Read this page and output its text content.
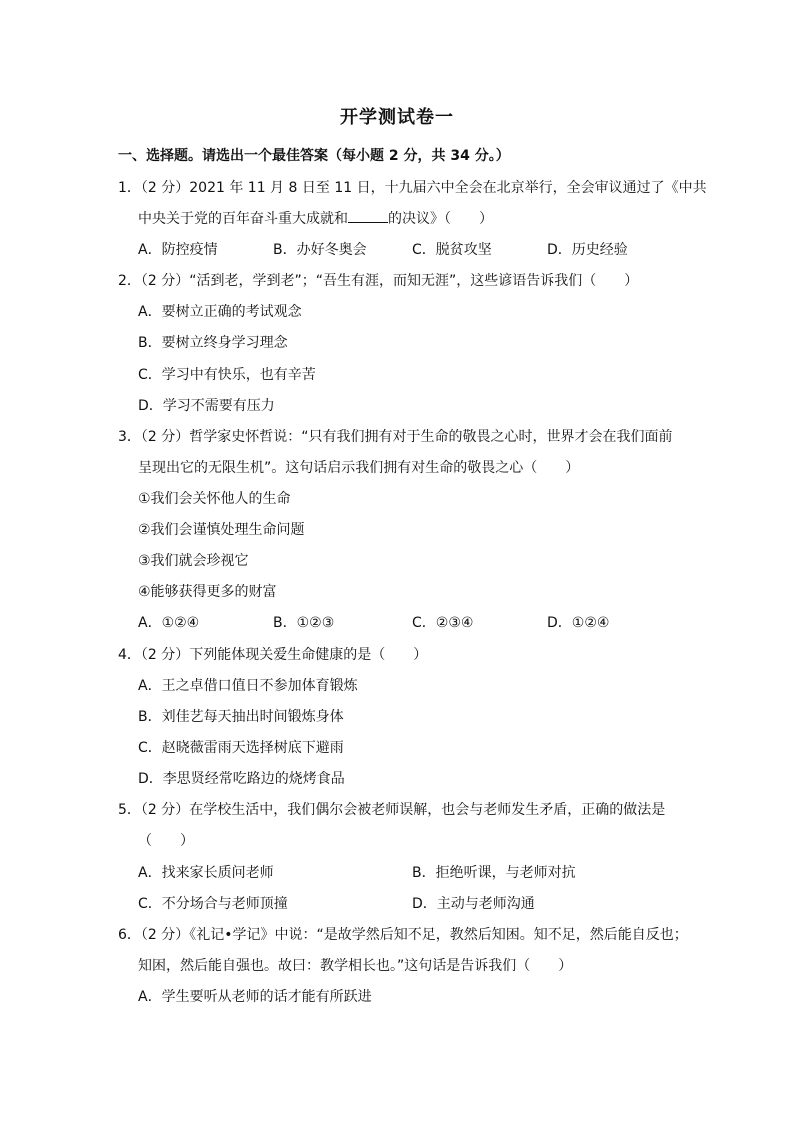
开学测试卷一
一、选择题。请选出一个最佳答案（每小题 2 分，共 34 分。）
1．（2 分）2021 年 11 月 8 日至 11 日，十九届六中全会在北京举行，全会审议通过了《中共
中央关于党的百年奋斗重大成就和	的决议》（　　）
A．防控疫情	B．办好冬奥会	C．脱贫攻坚	D．历史经验
2．（2 分）“活到老，学到老”；“吾生有涯，而知无涯”，这些谚语告诉我们（　　）
A．要树立正确的考试观念
B．要树立终身学习理念
C．学习中有快乐，也有辛苦
D．学习不需要有压力
3．（2 分）哲学家史怀哲说：“只有我们拥有对于生命的敬畏之心时，世界才会在我们面前
呈现出它的无限生机”。这句话启示我们拥有对生命的敬畏之心（　　）
①我们会关怀他人的生命
②我们会谨慎处理生命问题
③我们就会珍视它
④能够获得更多的财富
A．①②④	B．①②③	C．②③④	D．①②④
4．（2 分）下列能体现关爱生命健康的是（　　）
A．王之卓借口值日不参加体育锻炼
B．刘佳艺每天抽出时间锻炼身体
C．赵晓薇雷雨天选择树底下避雨
D．李思贤经常吃路边的烧烤食品
5．（2 分）在学校生活中，我们偶尔会被老师误解，也会与老师发生矛盾，正确的做法是
（　　）
A．找来家长质问老师	B．拒绝听课，与老师对抗
C．不分场合与老师顶撞	D．主动与老师沟通
6．（2 分）《礼记•学记》中说：“是故学然后知不足，教然后知困。知不足，然后能自反也；
知困，然后能自强也。故曰：教学相长也。”这句话是告诉我们（　　）
A．学生要听从老师的话才能有所跃进
